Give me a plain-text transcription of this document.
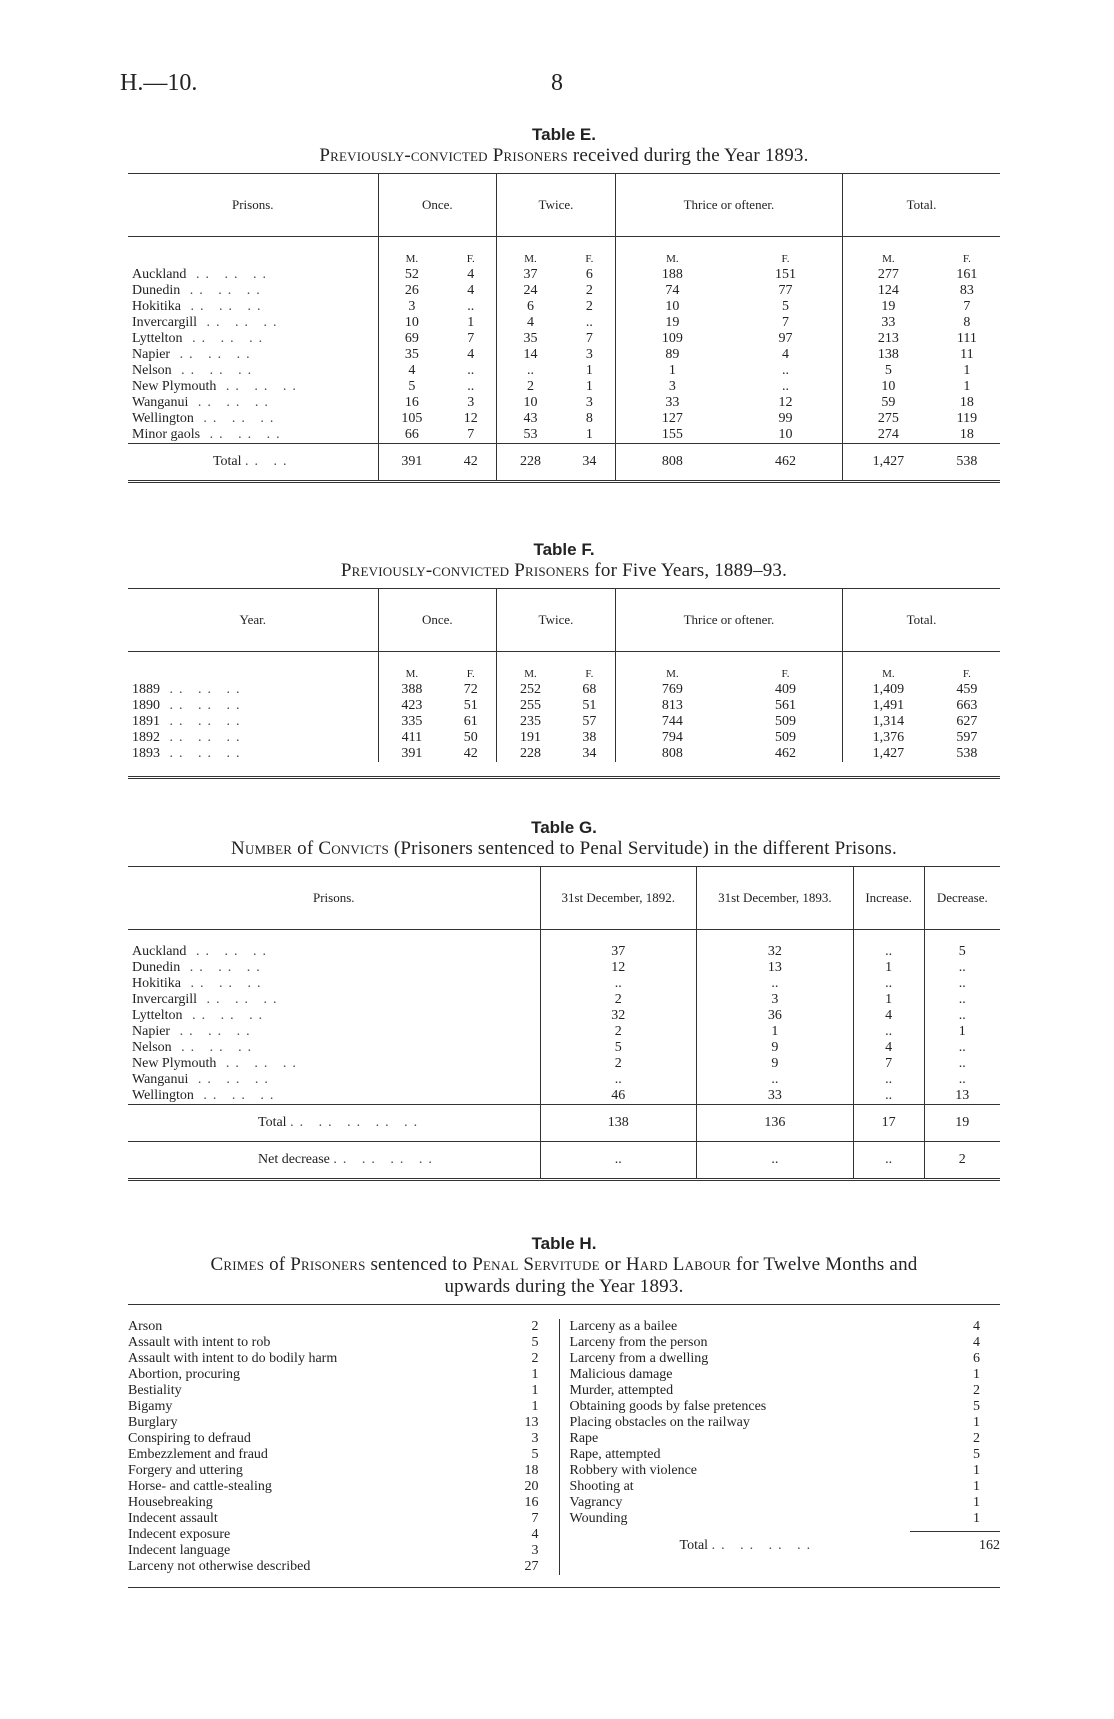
H.—10.	8
Table E.
Previously-convicted Prisoners received durirg the Year 1893.
Prisons.	Once.		Twice.		Thrice or oftener.		Total.	
	M.	F.	M.	F.	M.	F.	M.	F.
Auckland .. .. ..	52	4	37	6	188	151	277	161
Dunedin .. .. ..	26	4	24	2	74	77	124	83
Hokitika .. .. ..	3	..	6	2	10	5	19	7
Invercargill .. .. ..	10	1	4	..	19	7	33	8
Lyttelton .. .. ..	69	7	35	7	109	97	213	111
Napier .. .. ..	35	4	14	3	89	4	138	11
Nelson .. .. ..	4	..	..	1	1	..	5	1
New Plymouth .. .. ..	5	..	2	1	3	..	10	1
Wanganui .. .. ..	16	3	10	3	33	12	59	18
Wellington .. .. ..	105	12	43	8	127	99	275	119
Minor gaols .. .. ..	66	7	53	1	155	10	274	18
Total .. ..	391	42	228	34	808	462	1,427	538
Table F.
Previously-convicted Prisoners for Five Years, 1889–93.
Year.	Once.		Twice.		Thrice or oftener.		Total.	
	M.	F.	M.	F.	M.	F.	M.	F.
1889 .. .. ..	388	72	252	68	769	409	1,409	459
1890 .. .. ..	423	51	255	51	813	561	1,491	663
1891 .. .. ..	335	61	235	57	744	509	1,314	627
1892 .. .. ..	411	50	191	38	794	509	1,376	597
1893 .. .. ..	391	42	228	34	808	462	1,427	538

Table G.
Number of Convicts (Prisoners sentenced to Penal Servitude) in the different Prisons.
Prisons.	31st December, 1892.	31st December, 1893.	Increase.	Decrease.

Auckland .. .. ..	37	32	..	5
Dunedin .. .. ..	12	13	1	..
Hokitika .. .. ..	..	..	..	..
Invercargill .. .. ..	2	3	1	..
Lyttelton .. .. ..	32	36	4	..
Napier .. .. ..	2	1	..	1
Nelson .. .. ..	5	9	4	..
New Plymouth .. .. ..	2	9	7	..
Wanganui .. .. ..	..	..	..	..
Wellington .. .. ..	46	33	..	13
Total .. .. .. .. ..	138	136	17	19
Net decrease .. .. .. ..	..	..	..	2
Table H.
Crimes of Prisoners sentenced to Penal Servitude or Hard Labour for Twelve Months and
upwards during the Year 1893.
Arson	2
Assault with intent to rob	5
Assault with intent to do bodily harm	2
Abortion, procuring	1
Bestiality	1
Bigamy	1
Burglary	13
Conspiring to defraud	3
Embezzlement and fraud	5
Forgery and uttering	18
Horse- and cattle-stealing	20
Housebreaking	16
Indecent assault	7
Indecent exposure	4
Indecent language	3
Larceny not otherwise described	27
Larceny as a bailee	4
Larceny from the person	4
Larceny from a dwelling	6
Malicious damage	1
Murder, attempted	2
Obtaining goods by false pretences	5
Placing obstacles on the railway	1
Rape	2
Rape, attempted	5
Robbery with violence	1
Shooting at	1
Vagrancy	1
Wounding	1
Total .. .. .. ..	162
